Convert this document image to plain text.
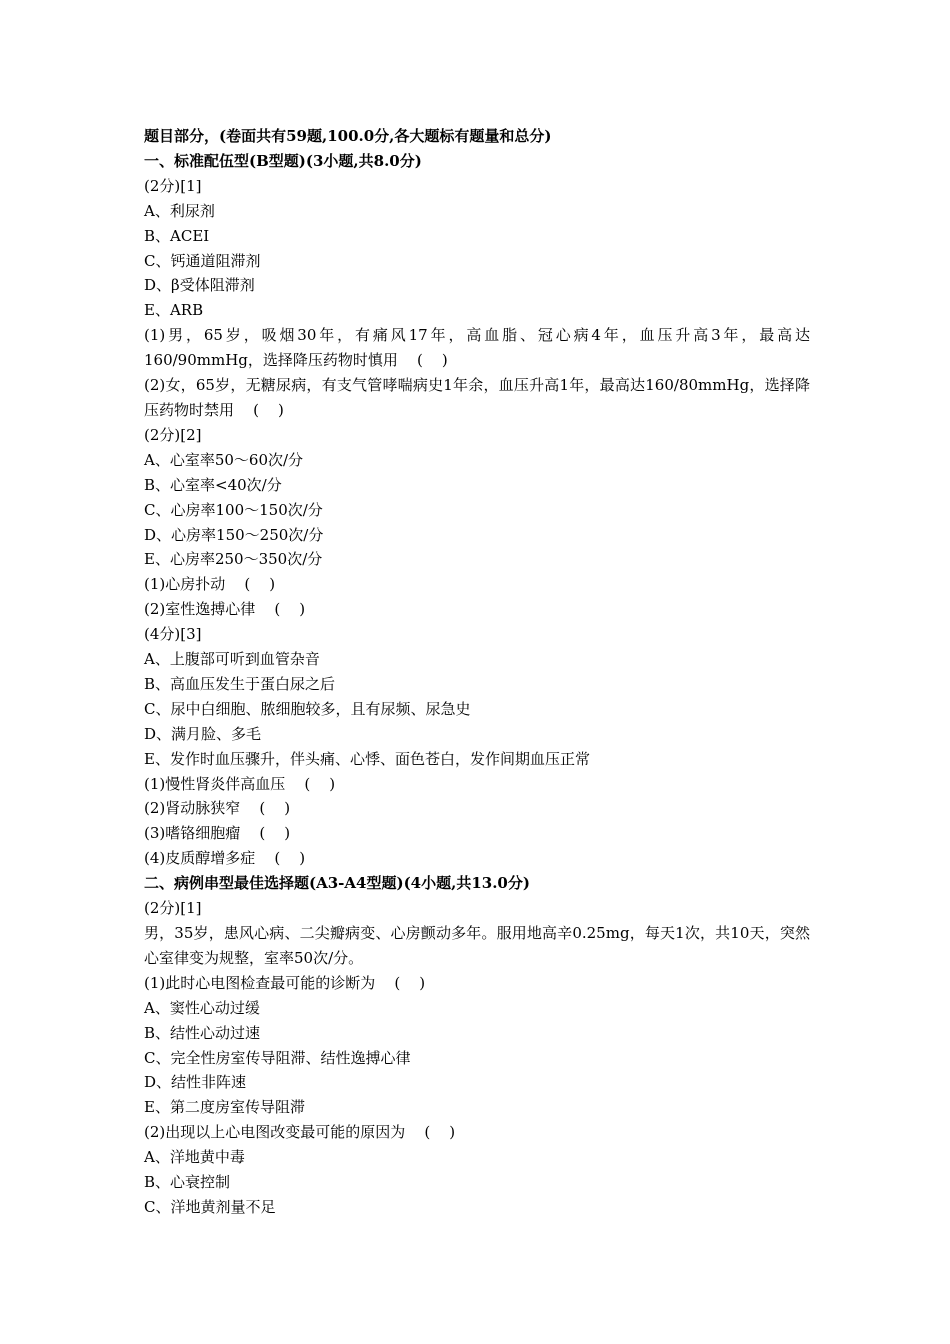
题目部分，(卷面共有59题,100.0分,各大题标有题量和总分)
一、标准配伍型(B型题)(3小题,共8.0分)
(2分)[1]
A、利尿剂
B、ACEI
C、钙通道阻滞剂
D、β受体阻滞剂
E、ARB
(1)男，65岁，吸烟30年，有痛风17年，高血脂、冠心病4年，血压升高3年，最高达160/90mmHg，选择降压药物时慎用    (    )
(2)女，65岁，无糖尿病，有支气管哮喘病史1年余，血压升高1年，最高达160/80mmHg，选择降压药物时禁用    (    )
(2分)[2]
A、心室率50～60次/分
B、心室率<40次/分
C、心房率100～150次/分
D、心房率150～250次/分
E、心房率250～350次/分
(1)心房扑动    (    )
(2)室性逸搏心律    (    )
(4分)[3]
A、上腹部可听到血管杂音
B、高血压发生于蛋白尿之后
C、尿中白细胞、脓细胞较多，且有尿频、尿急史
D、满月脸、多毛
E、发作时血压骤升，伴头痛、心悸、面色苍白，发作间期血压正常
(1)慢性肾炎伴高血压    (    )
(2)肾动脉狭窄    (    )
(3)嗜铬细胞瘤    (    )
(4)皮质醇增多症    (    )
二、病例串型最佳选择题(A3-A4型题)(4小题,共13.0分)
(2分)[1]
男，35岁，患风心病、二尖瓣病变、心房颤动多年。服用地高辛0.25mg，每天1次，共10天，突然心室律变为规整，室率50次/分。
(1)此时心电图检查最可能的诊断为    (    )
A、窦性心动过缓
B、结性心动过速
C、完全性房室传导阻滞、结性逸搏心律
D、结性非阵速
E、第二度房室传导阻滞
(2)出现以上心电图改变最可能的原因为    (    )
A、洋地黄中毒
B、心衰控制
C、洋地黄剂量不足
